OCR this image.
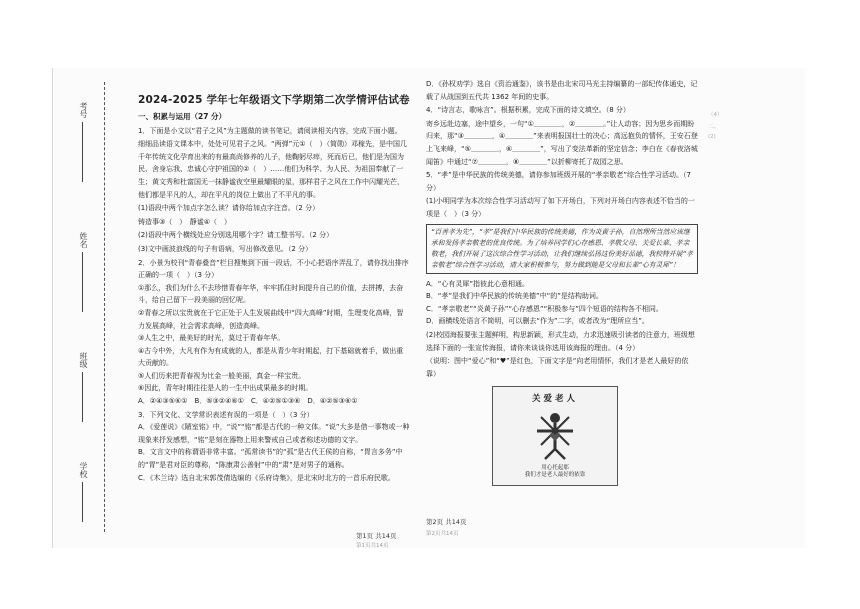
考号
姓名
班级
学校

2024-2025 学年七年级语文下学期第二次学情评估试卷

一、积累与运用（27 分）

1．下面是小文以“君子之风”为主题做的读书笔记，请阅读相关内容，完成下面小题。

细细品读语文课本中，处处可见君子之风。“两弹”元①（　）（简勋）邓稼先，是中国几千年传统文化孕育出来的有最高尚修养的儿子，他鞠躬尽瘁，死而后已，他们是为国为民、舍身忘我、忠诚心守护祖国的②（　）……他们为科学、为人民、为祖国奉献了一生；黄文秀和杜富国无一抹静谧夜空里最耀眼的星，那样君子之风在工作中闪耀光芒，他们都是平凡的人，却在平凡的岗位上做出了不平凡的事。

(1)语段中两个加点字怎么读？请你给加点字注音。（2 分）

铸造事③（　）　静谧④（　）

(2)语段中两个横线处应分别选用哪个字？请工整书写。（2 分）

(3)文中画波浪线的句子有语病，写出修改意见。（2 分）

2．小景为校刊“青春叠音”栏目搜集到下面一段话，不小心把语序弄乱了，请你找出排序正确的一项（　）（3 分）

①那么，我们为什么不去珍惜青春年华，牢牢抓住时间提升自己的价值，去拼搏，去奋斗，给自己留下一段美丽的回忆呢。

②青春之所以宝贵就在于它正处于人生发展曲线中“四大高峰”时期，生理变化高峰，智力发展高峰，社会需求高峰，创造高峰。

③人生之中，最美好的时光，莫过于青春年华。

④古今中外，大凡有作为有成就的人，都是从青少年时期起，打下基础就着手，做出重大贡献的。

⑤人们历来把青春视为比金一般美丽，真金一样宝贵。

⑥因此，青年时期往往是人的一生中出成果最多的时期。

A．②④③⑤⑥①　B．⑤③②④⑥①　C．④②⑤①③⑥　D．④②⑤③⑥①

3．下列文化、文学常识表述有误的一项是（　）（3 分）

A．《爱莲说》《陋室铭》中，“说”“铭”都是古代的一种文体。“说”大多是借一事物或一种现象来抒发感想，“铭”是刻在器物上用来警戒自己或者称述功德的文字。

B．文言文中的称谓语非常丰富。“孤常读书”的“孤”是古代王侯的自称，“胃言多务”中的“胃”是君对臣的尊称，“陈康肃公善射”中的“肃”是对男子的通称。

C．《木兰诗》选自北宋郭茂倩选编的《乐府诗集》，是北宋时北方的一首乐府民歌。

D．《孙权劝学》选自《资治通鉴》，该书是由北宋司马光主持编纂的一部纪传体通史，记载了从战国到五代共 1362 年间的史事。

4．“诗言志，歌咏言”。根据积累，完成下面的诗文填空。（8 分）

寄乡远赴边塞，途中望乡，一句“①＿＿＿＿，②＿＿＿＿。”让人动容；因为思乡而期盼归来，那“③＿＿＿＿，④＿＿＿＿”来表明报国壮士的决心；高远抱负的情怀，王安石登上飞来峰，“⑤＿＿＿＿，⑥＿＿＿＿”，写出了变法革新的坚定信念；李白在《春夜洛城闻笛》中通过“⑦＿＿＿＿，⑧＿＿＿＿”以折柳寄托了故园之思。

5．“孝”是中华民族的传统美德，请你参加班级开展的“孝亲敬老”综合性学习活动。（7 分）

(1)小明同学为本次综合性学习活动写了如下开场白，下列对开场白内容表述不恰当的一项是（　）（3 分）

“百善孝为先”，“孝”是我们中华民族的传统美德，作为炎黄子孙，自然理所当然应该继承和发扬孝亲敬老的优良传统。为了培养同学们心存感恩、孝敬父母、关爱长辈、孝亲敬老，我们开展了这次综合性学习活动，让我们继续弘扬这份美好品德，我校特开展“孝亲敬老”综合性学习活动，请大家积极参与，努力做到能是父母和长辈“心有灵犀”！

A．“心有灵犀”指彼此心意相通。

B．“孝”是我们中华民族的传统美德”中“的”是结构助词。

C．“孝亲敬老”“炎黄子孙”“心存感恩”“积极参与”四个短语的结构各不相同。

D．画横线处语言不简明，可以删去“作为”二字，或者改为“理所应当”。

(2)校园海报要张主题鲜明，构思新颖，形式生动，力求迅速吸引读者的注意力，班级想选择下面的一张宣传海报，请你来谈谈你选用该海报的理由。（4 分）

（说明：图中“爱心”和“♥”是红色，下面文字是“向老用情怀，我们才是老人最好的依靠）

关爱老人
用心托起那
我们才是老人最好的依靠
第1页 共14页
第1页共14页
第2页 共14页
第2页共14页
（4）
二、
(2)
